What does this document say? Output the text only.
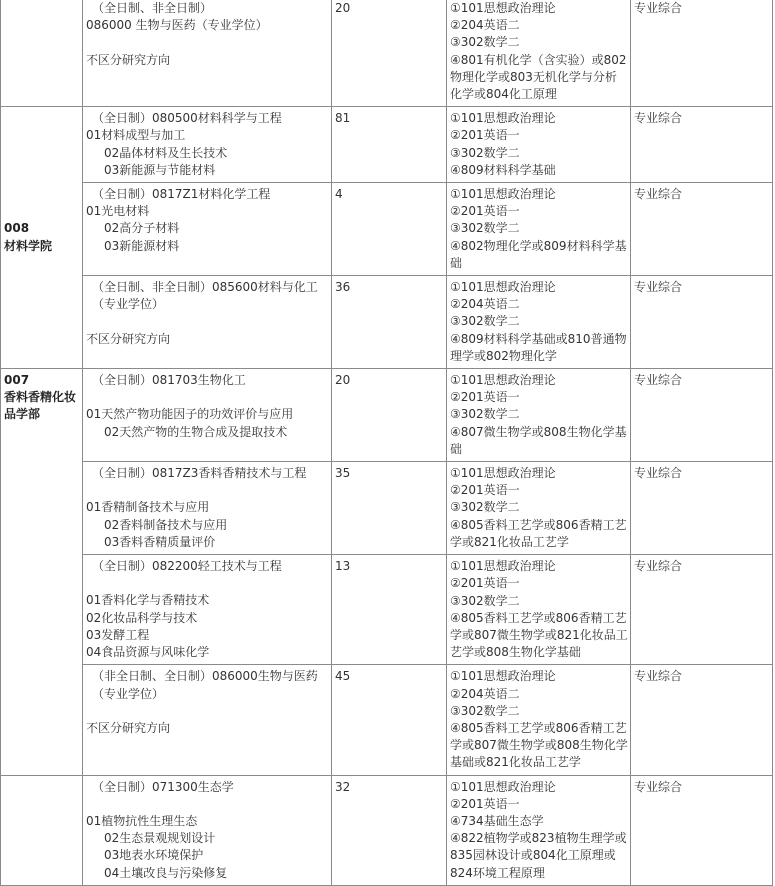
	（全日制、非全日制）
086000 生物与医药（专业学位）
不区分研究方向	20	①101思想政治理论
②204英语二
③302数学二
④801有机化学（含实验）或802物理化学或803无机化学与分析化学或804化工原理	专业综合

008
材料学院	（全日制）080500材料科学与工程
01材料成型与加工
02晶体材料及生长技术
03新能源与节能材料	81	①101思想政治理论
②201英语一
③302数学二
④809材料科学基础	专业综合

	（全日制）0817Z1材料化学工程
01光电材料
02高分子材料
03新能源材料	4	①101思想政治理论
②201英语一
③302数学二
④802物理化学或809材料科学基础	专业综合

	（全日制、非全日制）085600材料与化工（专业学位）
不区分研究方向	36	①101思想政治理论
②204英语二
③302数学二
④809材料科学基础或810普通物理学或802物理化学	专业综合

007
香料香精化妆品学部	（全日制）081703生物化工
01天然产物功能因子的功效评价与应用
02天然产物的生物合成及提取技术	20	①101思想政治理论
②201英语一
③302数学二
④807微生物学或808生物化学基础	专业综合

	（全日制）0817Z3香料香精技术与工程
01香精制备技术与应用
02香料制备技术与应用
03香料香精质量评价	35	①101思想政治理论
②201英语一
③302数学二
④805香料工艺学或806香精工艺学或821化妆品工艺学	专业综合

	（全日制）082200轻工技术与工程
01香料化学与香精技术
02化妆品科学与技术
03发酵工程
04食品资源与风味化学	13	①101思想政治理论
②201英语一
③302数学二
④805香料工艺学或806香精工艺学或807微生物学或821化妆品工艺学或808生物化学基础	专业综合

	（非全日制、全日制）086000生物与医药（专业学位）
不区分研究方向	45	①101思想政治理论
②204英语二
③302数学二
④805香料工艺学或806香精工艺学或807微生物学或808生物化学基础或821化妆品工艺学	专业综合

	（全日制）071300生态学
01植物抗性生理生态
02生态景观规划设计
03地表水环境保护
04土壤改良与污染修复	32	①101思想政治理论
②201英语一
④734基础生态学
④822植物学或823植物生理学或835园林设计或804化工原理或824环境工程原理	专业综合
